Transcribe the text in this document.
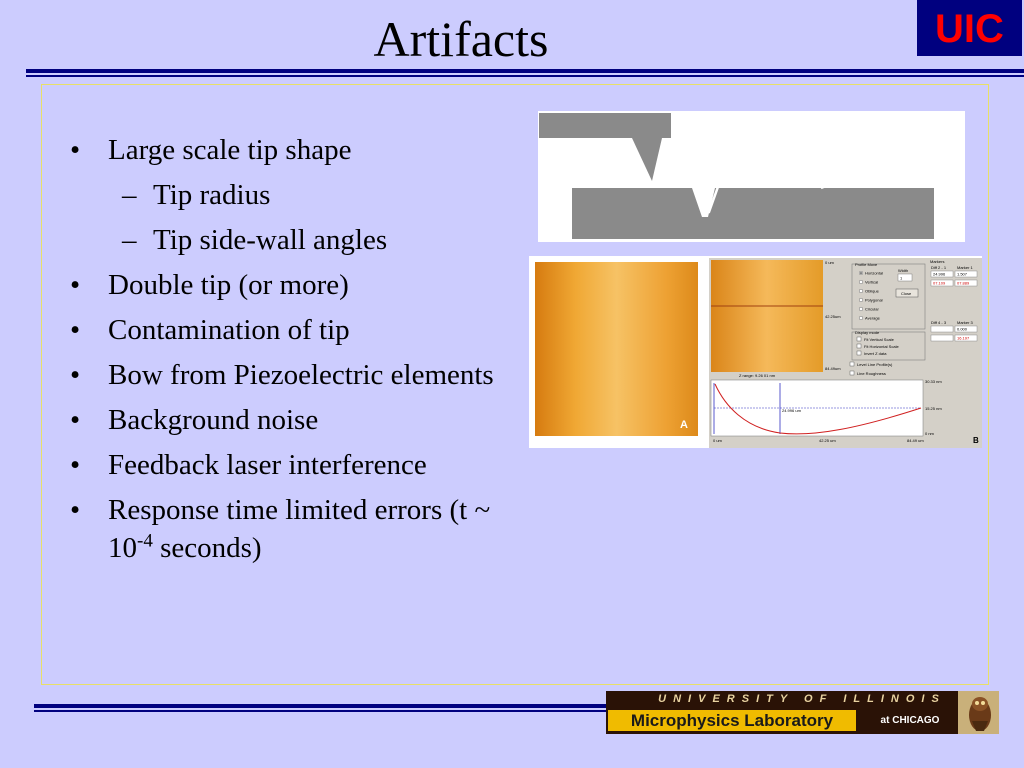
Artifacts	UIC
• Large scale tip shape
– Tip radius
– Tip side-wall angles
• Double tip (or more)
• Contamination of tip
• Bow from Piezoelectric elements
• Background noise
• Feedback laser interference
• Response time limited errors (t ~ $10^{-4}$ seconds)
A
0 um
42.25um
84.49um
Z range: 9.26 01 nm
Profile Move
Horizontal
Vertical
Oblique
Polygonal
Circular
Average
Width
1
Close
Display mode
Fit Vertical Scale
Fit Horizontal Scale
Invert Z data
Level Line Profile(s)
Line Roughness
Markers
Diff 2 - 1	Marker 1
24.996	1.507
07.109	07.889
Diff 4 - 3	Marker 3
0.000
16.197
24.996 um
30.33 nm
15.25 nm
0 nm
0 um	42.25 um	84.49 um	B
UNIVERSITY OF ILLINOIS
Microphysics Laboratory	at CHICAGO
